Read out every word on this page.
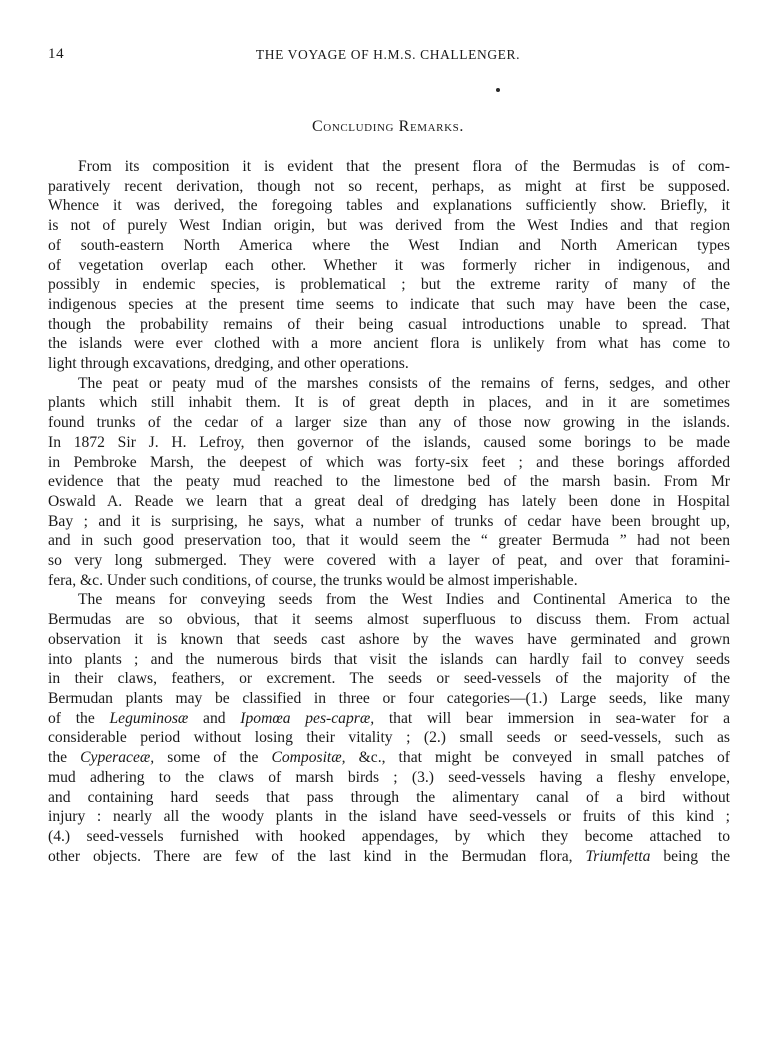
14	THE VOYAGE OF H.M.S. CHALLENGER.
Concluding Remarks.
From its composition it is evident that the present flora of the Bermudas is of com-
paratively recent derivation, though not so recent, perhaps, as might at first be supposed.
Whence it was derived, the foregoing tables and explanations sufficiently show. Briefly, it
is not of purely West Indian origin, but was derived from the West Indies and that region
of south-eastern North America where the West Indian and North American types
of vegetation overlap each other. Whether it was formerly richer in indigenous, and
possibly in endemic species, is problematical ; but the extreme rarity of many of the
indigenous species at the present time seems to indicate that such may have been the case,
though the probability remains of their being casual introductions unable to spread. That
the islands were ever clothed with a more ancient flora is unlikely from what has come to
light through excavations, dredging, and other operations.
The peat or peaty mud of the marshes consists of the remains of ferns, sedges, and other
plants which still inhabit them. It is of great depth in places, and in it are sometimes
found trunks of the cedar of a larger size than any of those now growing in the islands.
In 1872 Sir J. H. Lefroy, then governor of the islands, caused some borings to be made
in Pembroke Marsh, the deepest of which was forty-six feet ; and these borings afforded
evidence that the peaty mud reached to the limestone bed of the marsh basin. From Mr
Oswald A. Reade we learn that a great deal of dredging has lately been done in Hospital
Bay ; and it is surprising, he says, what a number of trunks of cedar have been brought up,
and in such good preservation too, that it would seem the “ greater Bermuda ” had not been
so very long submerged. They were covered with a layer of peat, and over that foramini-
fera, &c. Under such conditions, of course, the trunks would be almost imperishable.
The means for conveying seeds from the West Indies and Continental America to the
Bermudas are so obvious, that it seems almost superfluous to discuss them. From actual
observation it is known that seeds cast ashore by the waves have germinated and grown
into plants ; and the numerous birds that visit the islands can hardly fail to convey seeds
in their claws, feathers, or excrement. The seeds or seed-vessels of the majority of the
Bermudan plants may be classified in three or four categories—(1.) Large seeds, like many
of the Leguminosæ and Ipomœa pes-capræ, that will bear immersion in sea-water for a
considerable period without losing their vitality ; (2.) small seeds or seed-vessels, such as
the Cyperaceæ, some of the Compositæ, &c., that might be conveyed in small patches of
mud adhering to the claws of marsh birds ; (3.) seed-vessels having a fleshy envelope,
and containing hard seeds that pass through the alimentary canal of a bird without
injury : nearly all the woody plants in the island have seed-vessels or fruits of this kind ;
(4.) seed-vessels furnished with hooked appendages, by which they become attached to
other objects. There are few of the last kind in the Bermudan flora, Triumfetta being the
